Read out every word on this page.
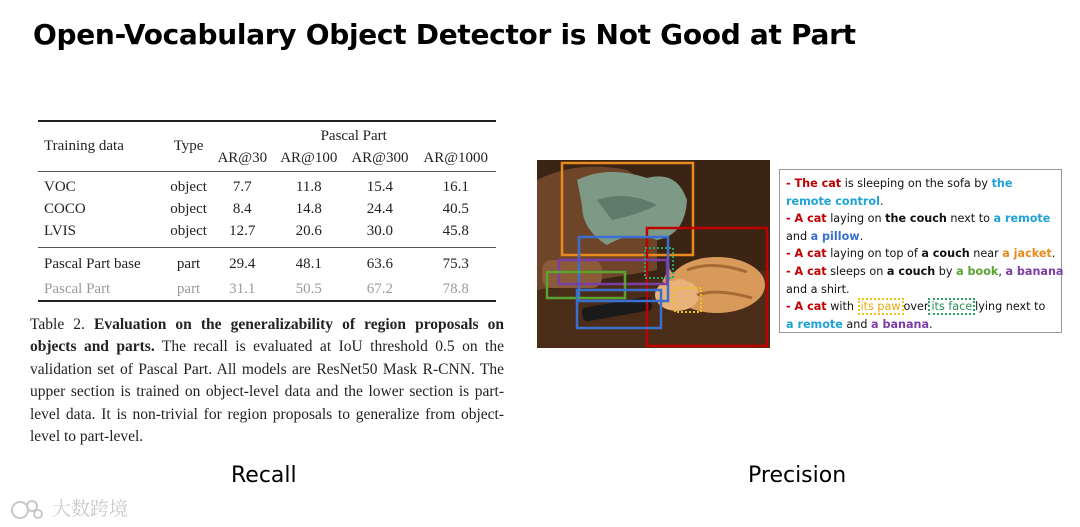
Open-Vocabulary Object Detector is Not Good at Part
Training data	Type	Pascal Part			
		AR@30	AR@100	AR@300	AR@1000
VOC	object	7.7	11.8	15.4	16.1
COCO	object	8.4	14.8	24.4	40.5
LVIS	object	12.7	20.6	30.0	45.8
Pascal Part base	part	29.4	48.1	63.6	75.3
Pascal Part	part	31.1	50.5	67.2	78.8
Table 2. Evaluation on the generalizability of region proposals on objects and parts. The recall is evaluated at IoU threshold 0.5 on the validation set of Pascal Part. All models are ResNet50 Mask R-CNN. The upper section is trained on object-level data and the lower section is part-level data. It is non-trivial for region proposals to generalize from object-level to part-level.
Recall	Precision
- The cat is sleeping on the sofa by the
remote control.
- A cat laying on the couch next to a remote
and a pillow.
- A cat laying on top of a couch near a jacket.
- A cat sleeps on a couch by a book, a banana
and a shirt.
- A cat with its paw over its face lying next to
a remote and a banana.
大数跨境
